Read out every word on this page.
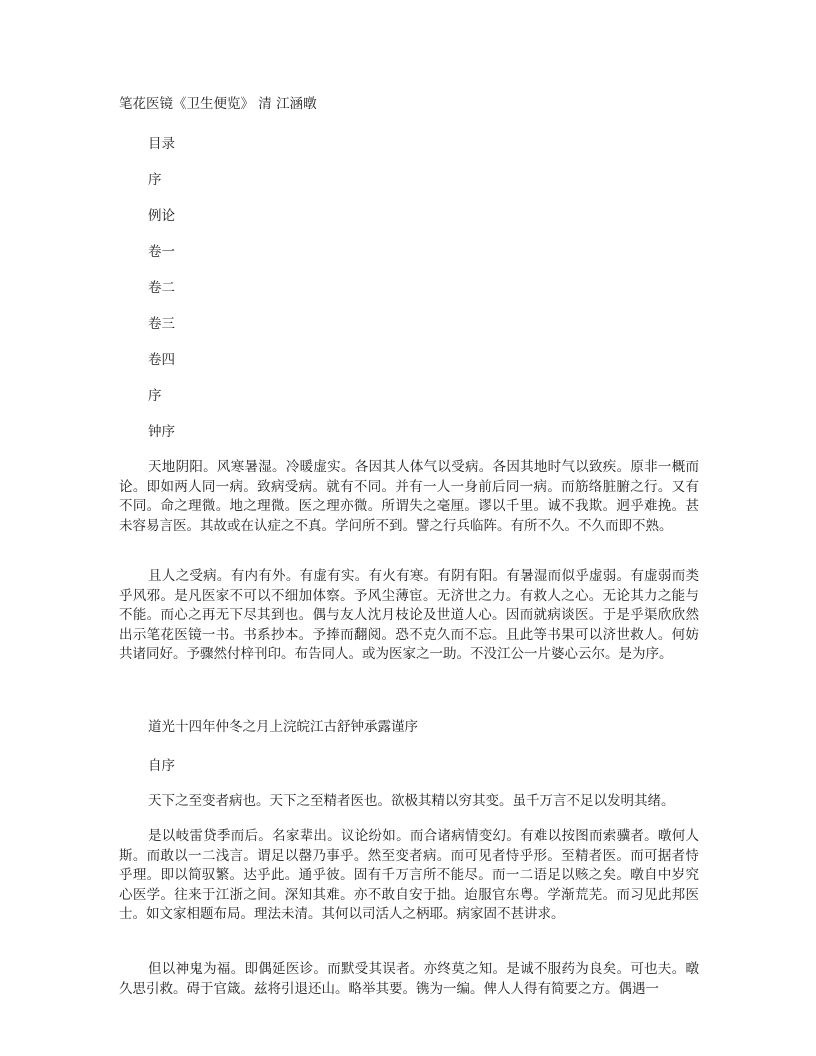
笔花医镜《卫生便览》 清 江涵暾
目录
序
例论
卷一
卷二
卷三
卷四
序
钟序

天地阴阳。风寒暑湿。冷暖虚实。各因其人体气以受病。各因其地时气以致疾。原非一概而论。即如两人同一病。致病受病。就有不同。并有一人一身前后同一病。而筋络脏腑之行。又有不同。命之理微。地之理微。医之理亦微。所谓失之毫厘。谬以千里。诚不我欺。迥乎难挽。甚未容易言医。其故或在认症之不真。学问所不到。譬之行兵临阵。有所不久。不久而即不熟。

且人之受病。有内有外。有虚有实。有火有寒。有阴有阳。有暑湿而似乎虚弱。有虚弱而类乎风邪。是凡医家不可以不细加体察。予风尘薄宦。无济世之力。有救人之心。无论其力之能与不能。而心之再无下尽其到也。偶与友人沈月枝论及世道人心。因而就病谈医。于是乎渠欣欣然出示笔花医镜一书。书系抄本。予捧而翻阅。恐不克久而不忘。且此等书果可以济世救人。何妨共诸同好。予骤然付梓刊印。布告同人。或为医家之一助。不没江公一片婆心云尔。是为序。

道光十四年仲冬之月上浣皖江古舒钟承露谨序
自序

天下之至变者病也。天下之至精者医也。欲极其精以穷其变。虽千万言不足以发明其绪。

是以岐雷贷季而后。名家辈出。议论纷如。而合诸病情变幻。有难以按图而索骥者。暾何人斯。而敢以一二浅言。谓足以罄乃事乎。然至变者病。而可见者恃乎形。至精者医。而可据者恃乎理。即以简驭繁。达乎此。通乎彼。固有千万言所不能尽。而一二语足以赅之矣。暾自中岁究心医学。往来于江浙之间。深知其难。亦不敢自安于拙。迨服官东粤。学渐荒芜。而习见此邦医士。如文家相题布局。理法未清。其何以司活人之柄耶。病家固不甚讲求。

但以神鬼为福。即偶延医诊。而默受其误者。亦终莫之知。是诚不服药为良矣。可也夫。暾久思引救。碍于官箴。兹将引退还山。略举其要。镌为一编。俾人人得有简要之方。偶遇一
